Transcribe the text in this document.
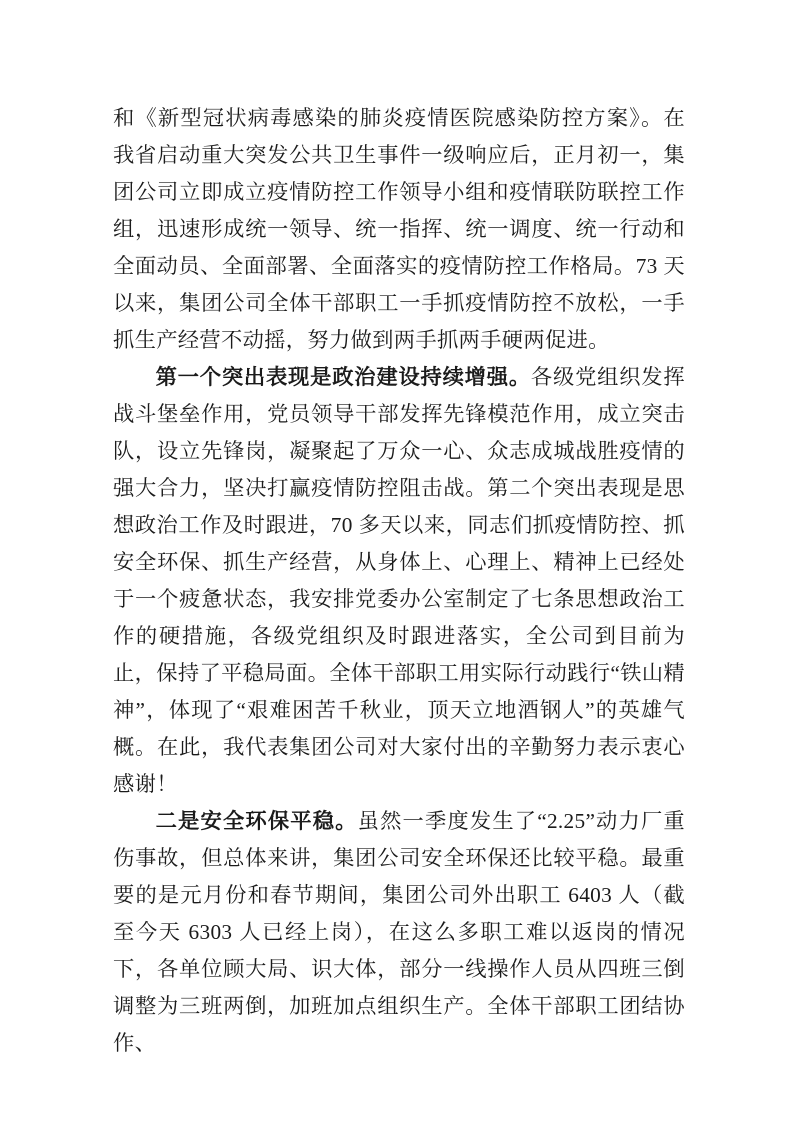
和《新型冠状病毒感染的肺炎疫情医院感染防控方案》。在我省启动重大突发公共卫生事件一级响应后，正月初一，集团公司立即成立疫情防控工作领导小组和疫情联防联控工作组，迅速形成统一领导、统一指挥、统一调度、统一行动和全面动员、全面部署、全面落实的疫情防控工作格局。73 天以来，集团公司全体干部职工一手抓疫情防控不放松，一手抓生产经营不动摇，努力做到两手抓两手硬两促进。

第一个突出表现是政治建设持续增强。各级党组织发挥战斗堡垒作用，党员领导干部发挥先锋模范作用，成立突击队，设立先锋岗，凝聚起了万众一心、众志成城战胜疫情的强大合力，坚决打赢疫情防控阻击战。第二个突出表现是思想政治工作及时跟进，70 多天以来，同志们抓疫情防控、抓安全环保、抓生产经营，从身体上、心理上、精神上已经处于一个疲惫状态，我安排党委办公室制定了七条思想政治工作的硬措施，各级党组织及时跟进落实，全公司到目前为止，保持了平稳局面。全体干部职工用实际行动践行“铁山精神”，体现了“艰难困苦千秋业，顶天立地酒钢人”的英雄气概。在此，我代表集团公司对大家付出的辛勤努力表示衷心感谢！

二是安全环保平稳。虽然一季度发生了“2.25”动力厂重伤事故，但总体来讲，集团公司安全环保还比较平稳。最重要的是元月份和春节期间，集团公司外出职工 6403 人（截至今天 6303 人已经上岗），在这么多职工难以返岗的情况下，各单位顾大局、识大体，部分一线操作人员从四班三倒调整为三班两倒，加班加点组织生产。全体干部职工团结协作、
